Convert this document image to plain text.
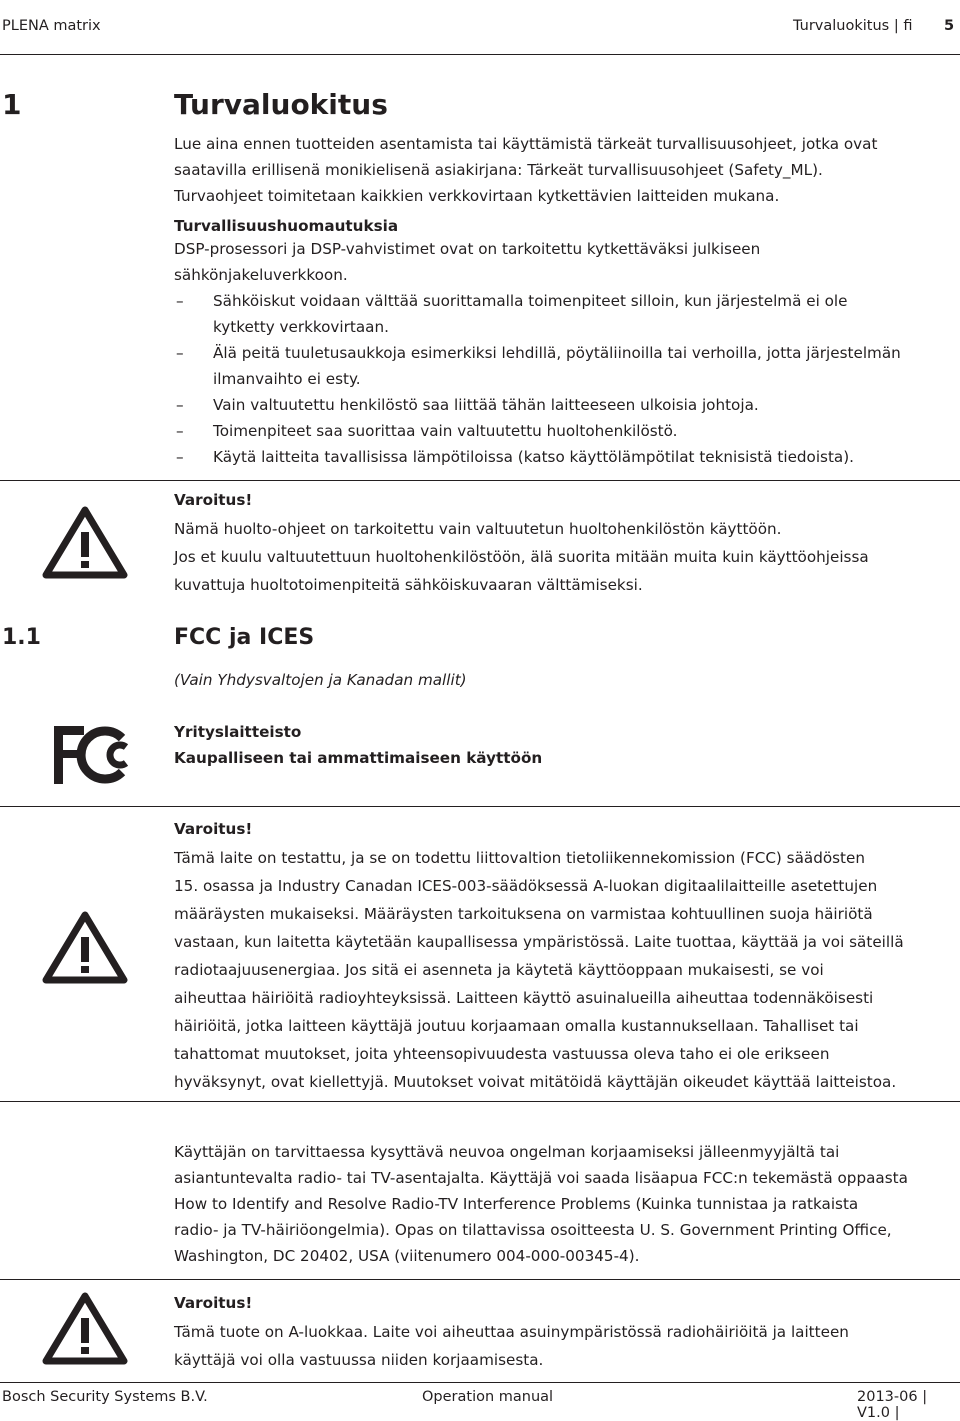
PLENA matrix	Turvaluokitus | fi 5
1	Turvaluokitus
Lue aina ennen tuotteiden asentamista tai käyttämistä tärkeät turvallisuusohjeet, jotka ovat
saatavilla erillisenä monikielisenä asiakirjana: Tärkeät turvallisuusohjeet (Safety_ML).
Turvaohjeet toimitetaan kaikkien verkkovirtaan kytkettävien laitteiden mukana.
Turvallisuushuomautuksia
DSP-prosessori ja DSP-vahvistimet ovat on tarkoitettu kytkettäväksi julkiseen
sähkönjakeluverkkoon.
– Sähköiskut voidaan välttää suorittamalla toimenpiteet silloin, kun järjestelmä ei ole
kytketty verkkovirtaan.
– Älä peitä tuuletusaukkoja esimerkiksi lehdillä, pöytäliinoilla tai verhoilla, jotta järjestelmän
ilmanvaihto ei esty.
– Vain valtuutettu henkilöstö saa liittää tähän laitteeseen ulkoisia johtoja.
– Toimenpiteet saa suorittaa vain valtuutettu huoltohenkilöstö.
– Käytä laitteita tavallisissa lämpötiloissa (katso käyttölämpötilat teknisistä tiedoista).
Varoitus!
Nämä huolto-ohjeet on tarkoitettu vain valtuutetun huoltohenkilöstön käyttöön.
Jos et kuulu valtuutettuun huoltohenkilöstöön, älä suorita mitään muita kuin käyttöohjeissa
kuvattuja huoltotoimenpiteitä sähköiskuvaaran välttämiseksi.
1.1	FCC ja ICES
(Vain Yhdysvaltojen ja Kanadan mallit)
Yrityslaitteisto
Kaupalliseen tai ammattimaiseen käyttöön
Varoitus!
Tämä laite on testattu, ja se on todettu liittovaltion tietoliikennekomission (FCC) säädösten
15. osassa ja Industry Canadan ICES-003-säädöksessä A-luokan digitaalilaitteille asetettujen
määräysten mukaiseksi. Määräysten tarkoituksena on varmistaa kohtuullinen suoja häiriötä
vastaan, kun laitetta käytetään kaupallisessa ympäristössä. Laite tuottaa, käyttää ja voi säteillä
radiotaajuusenergiaa. Jos sitä ei asenneta ja käytetä käyttöoppaan mukaisesti, se voi
aiheuttaa häiriöitä radioyhteyksissä. Laitteen käyttö asuinalueilla aiheuttaa todennäköisesti
häiriöitä, jotka laitteen käyttäjä joutuu korjaamaan omalla kustannuksellaan. Tahalliset tai
tahattomat muutokset, joita yhteensopivuudesta vastuussa oleva taho ei ole erikseen
hyväksynyt, ovat kiellettyjä. Muutokset voivat mitätöidä käyttäjän oikeudet käyttää laitteistoa.
Käyttäjän on tarvittaessa kysyttävä neuvoa ongelman korjaamiseksi jälleenmyyjältä tai
asiantuntevalta radio- tai TV-asentajalta. Käyttäjä voi saada lisäapua FCC:n tekemästä oppaasta
How to Identify and Resolve Radio-TV Interference Problems (Kuinka tunnistaa ja ratkaista
radio- ja TV-häiriöongelmia). Opas on tilattavissa osoitteesta U. S. Government Printing Office,
Washington, DC 20402, USA (viitenumero 004-000-00345-4).
Varoitus!
Tämä tuote on A-luokkaa. Laite voi aiheuttaa asuinympäristössä radiohäiriöitä ja laitteen
käyttäjä voi olla vastuussa niiden korjaamisesta.
Bosch Security Systems B.V.	Operation manual	2013-06 | V1.0 |
